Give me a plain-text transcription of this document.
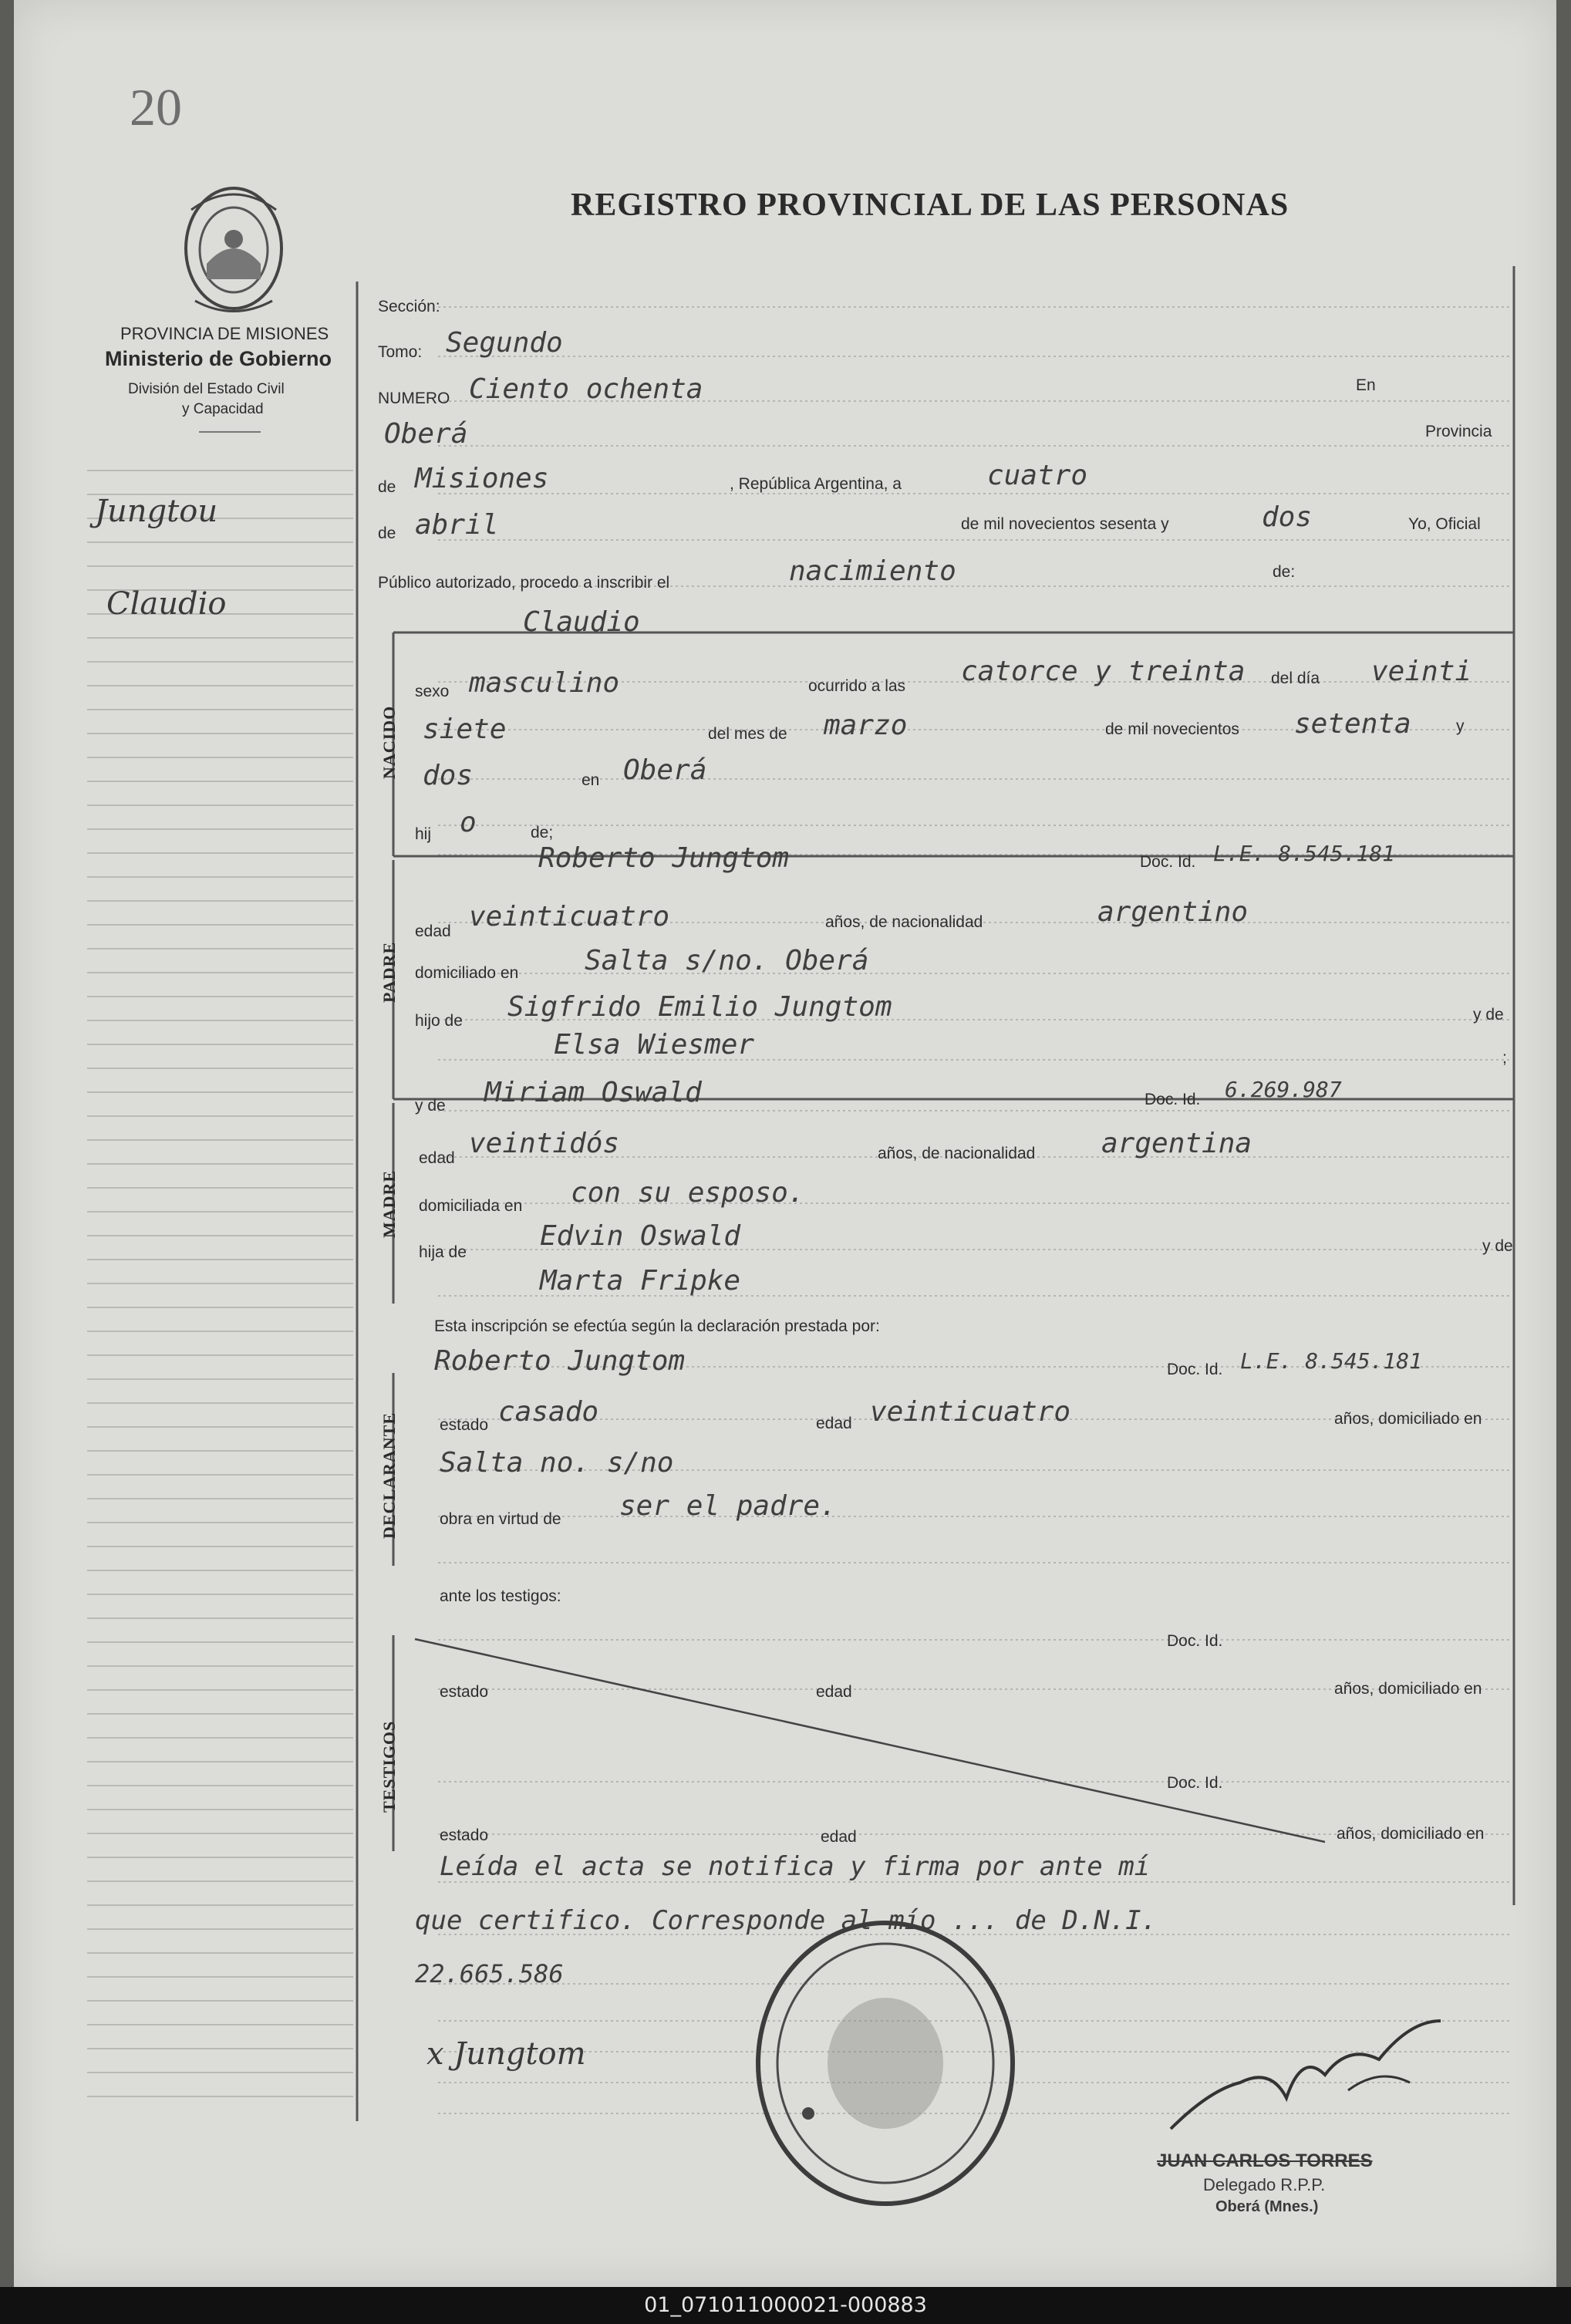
20
REGISTRO PROVINCIAL DE LAS PERSONAS
PROVINCIA DE MISIONES
Ministerio de Gobierno
División del Estado Civil
y Capacidad
NACIDO
PADRE
MADRE
DECLARANTE
TESTIGOS
Jungtou
Claudio
Sección:
Tomo: Segundo
NUMERO Ciento ochenta	En
Oberá	Provincia
de Misiones	, República Argentina, a	cuatro
de abril	de mil novecientos sesenta y	dos	Yo, Oficial
Público autorizado, procedo a inscribir el	nacimiento	de:
Claudio
sexo masculino	ocurrido a las catorce y treinta del día veinti
siete	del mes de marzo	de mil novecientos setenta	y
dos	en Oberá
hij o	de;
Roberto Jungtom	Doc. Id. L.E. 8.545.181
edad veinticuatro	años, de nacionalidad	argentino
domiciliado en Salta s/no. Oberá
hijo de Sigfrido Emilio Jungtom	y de
Elsa Wiesmer	;
y de Miriam Oswald	Doc. Id. 6.269.987
edad veintidós	años, de nacionalidad argentina
domiciliada en con su esposo.
hija de
Edvin Oswald	y de
Marta Fripke
Esta inscripción se efectúa según la declaración prestada por:
Roberto Jungtom	Doc. Id. L.E. 8.545.181
estado casado	edad veinticuatro	años, domiciliado en
Salta no. s/no
obra en virtud de ser el padre.
ante los testigos:
Doc. Id.
estado	edad	años, domiciliado en
Doc. Id.
estado	edad	años, domiciliado en
Leída el acta se notifica y firma por ante mí
que certifico. Corresponde al mío ... de D.N.I.
22.665.586
x Jungtom
JUAN CARLOS TORRES
Delegado R.P.P.
Oberá (Mnes.)
01_071011000021-000883
